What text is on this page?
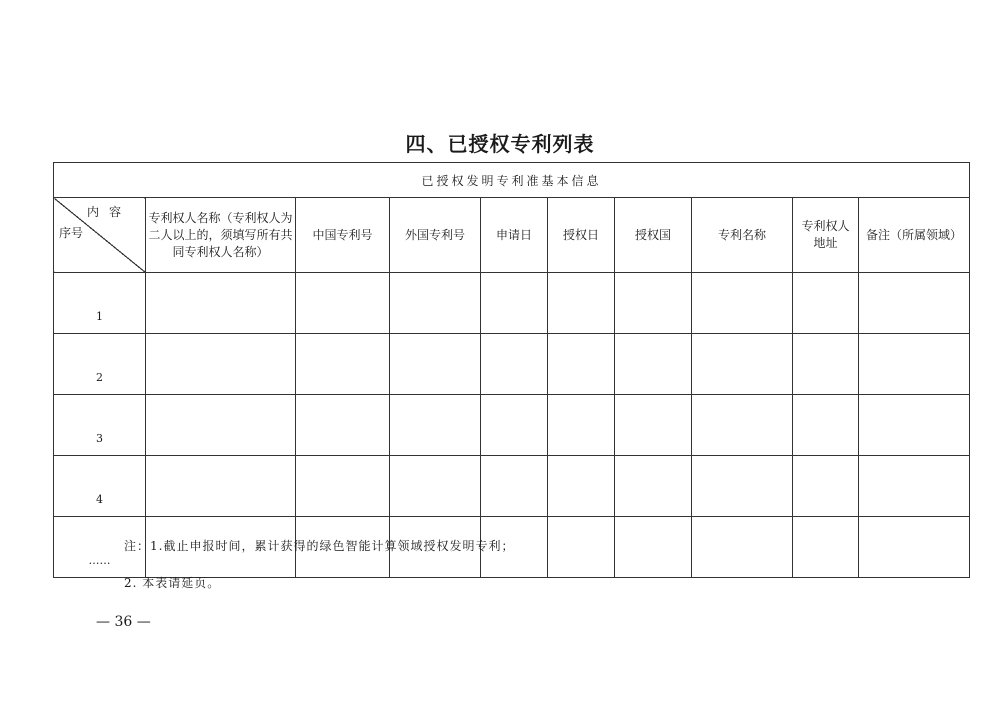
四、已授权专利列表
已授权发明专利准基本信息									

内容
序号	专利权人名称（专利权人为二人以上的，须填写所有共同专利权人名称）	中国专利号	外国专利号	申请日	授权日	授权国	专利名称	专利权人地址	备注（所属领域）
1									
2									
3									
4									
……									
注：1.截止申报时间，累计获得的绿色智能计算领域授权发明专利；
2. 本表请延页。
— 36 —
